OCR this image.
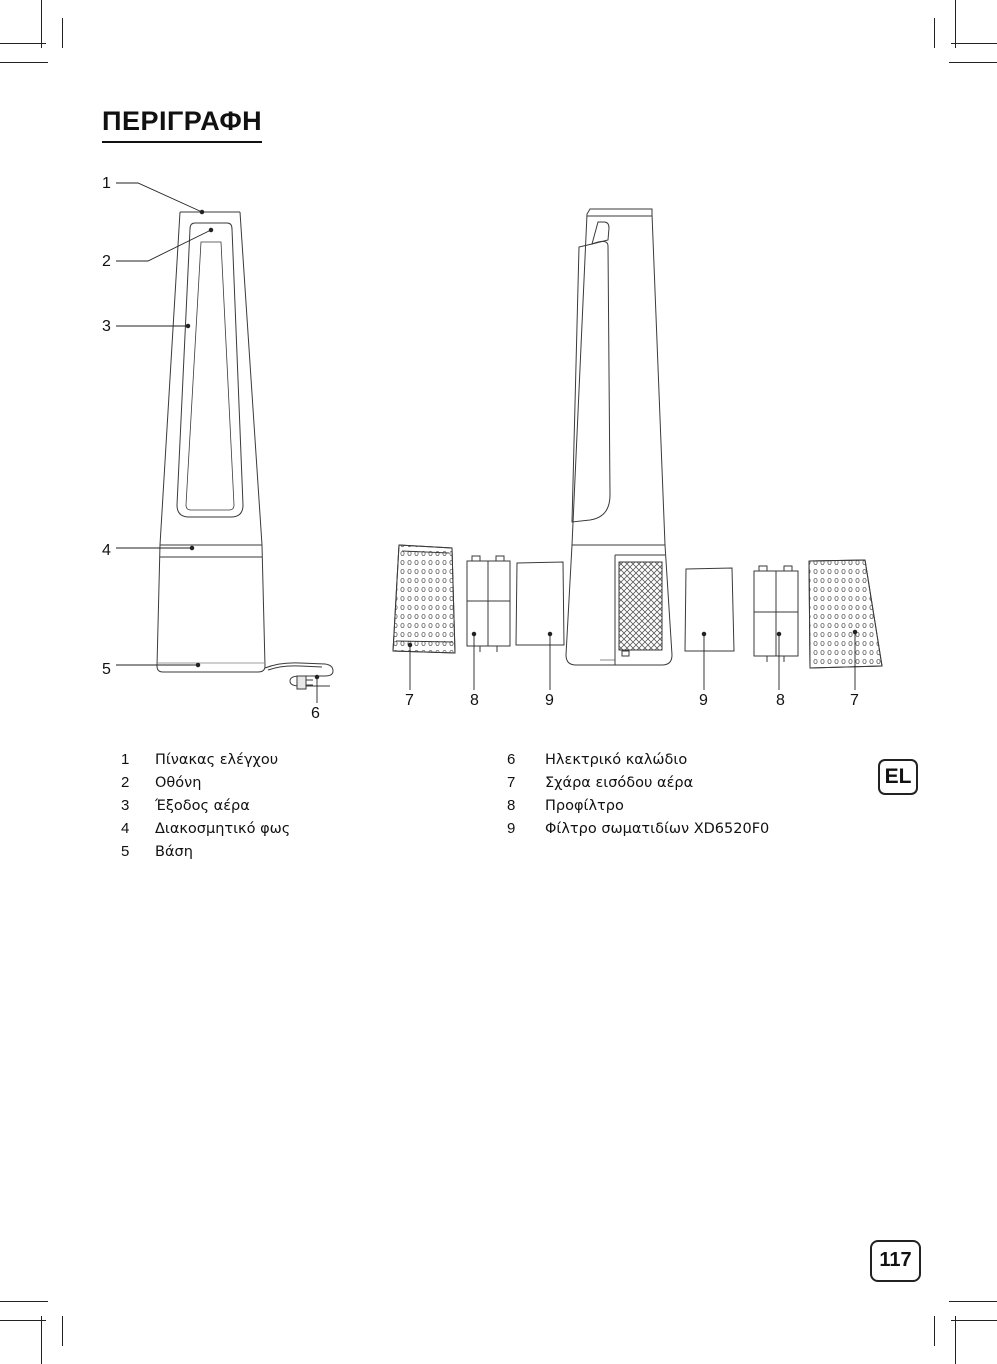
ΠΕΡΙΓΡΑΦΗ
1
2
3
4
5
6
7	8	9	9	8	7
1 Πίνακας ελέγχου
2 Οθόνη
3 Έξοδος αέρα
4 Διακοσμητικό φως
5 Βάση
6 Ηλεκτρικό καλώδιο
7 Σχάρα εισόδου αέρα
8 Προφίλτρο
9 Φίλτρο σωματιδίων XD6520F0
EL
117
